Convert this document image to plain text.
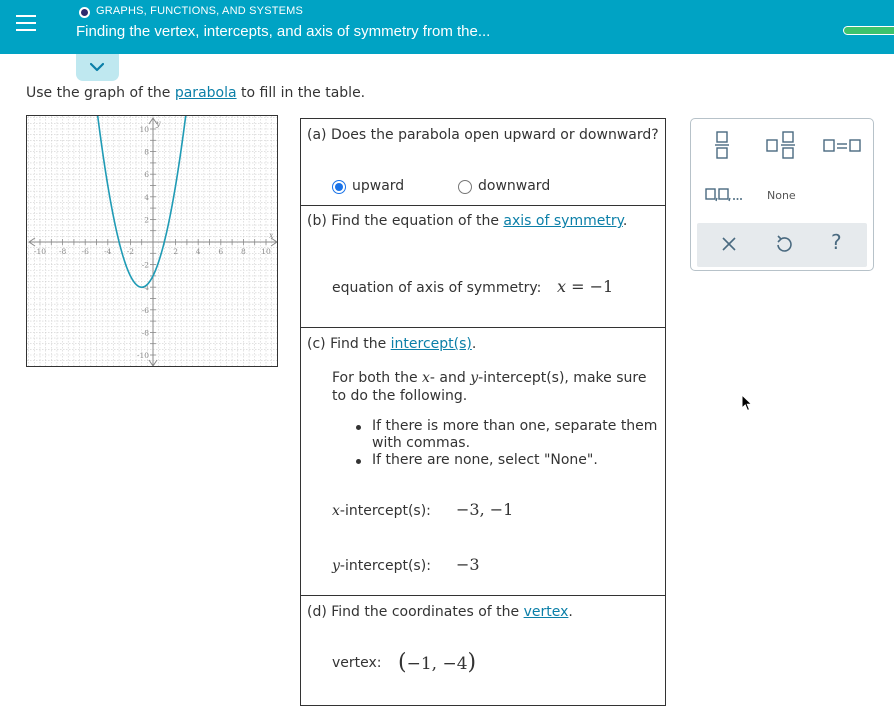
GRAPHS, FUNCTIONS, AND SYSTEMS
Finding the vertex, intercepts, and axis of symmetry from the...
Use the graph of the parabola to fill in the table.
-10 -8 -6 -4 -2	2 4 6 8 10
10
8
6
4
2
-2
-4
-6
-8
-10
y
x
(a) Does the parabola open upward or downward?
upward	downward
(b) Find the equation of the axis of symmetry.
equation of axis of symmetry: x = −1
(c) Find the intercept(s).
For both the x- and y-intercept(s), make sure to do the following.
If there is more than one, separate them with commas.
If there are none, select "None".
x-intercept(s): −3, −1
y-intercept(s): −3
(d) Find the coordinates of the vertex.
vertex: (−1, −4)
None
?
